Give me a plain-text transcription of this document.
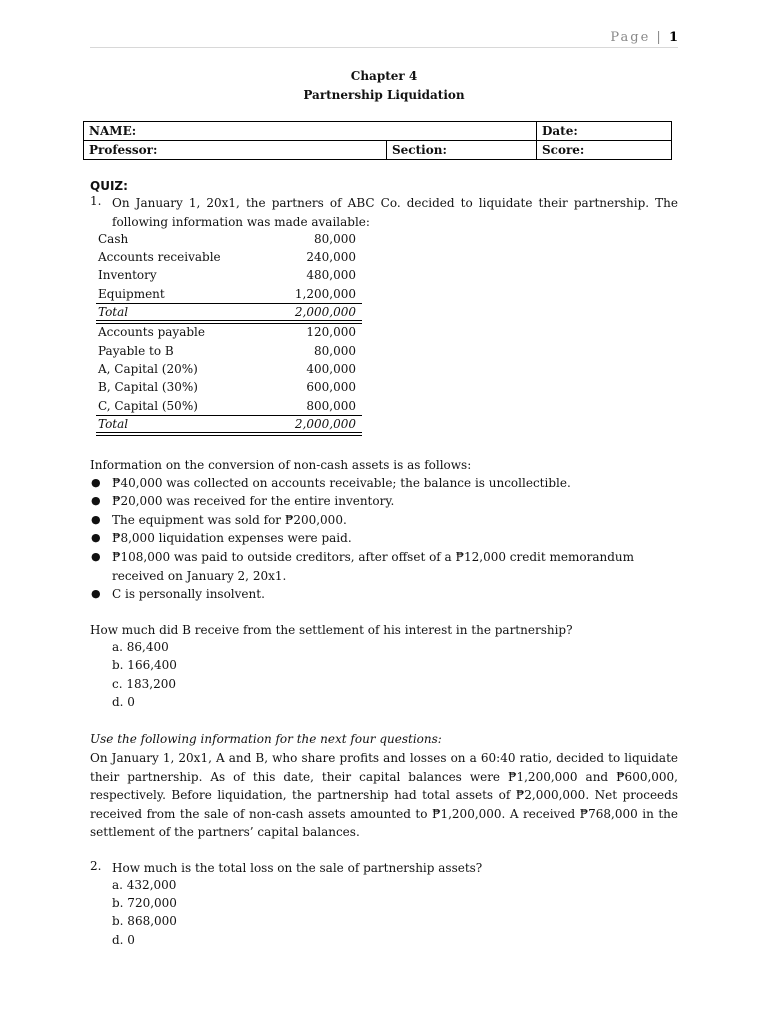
Page | 1
Chapter 4
Partnership Liquidation
NAME:		Date:
Professor:	Section:	Score:
QUIZ:
1. On January 1, 20x1, the partners of ABC Co. decided to liquidate their partnership. The following information was made available:
Cash	80,000
Accounts receivable	240,000
Inventory	480,000
Equipment	1,200,000
Total	2,000,000
Accounts payable	120,000
Payable to B	80,000
A, Capital (20%)	400,000
B, Capital (30%)	600,000
C, Capital (50%)	800,000
Total	2,000,000
Information on the conversion of non-cash assets is as follows:
● ₱40,000 was collected on accounts receivable; the balance is uncollectible.
● ₱20,000 was received for the entire inventory.
● The equipment was sold for ₱200,000.
● ₱8,000 liquidation expenses were paid.
● ₱108,000 was paid to outside creditors, after offset of a ₱12,000 credit memorandum received on January 2, 20x1.
● C is personally insolvent.
How much did B receive from the settlement of his interest in the partnership?
a. 86,400
b. 166,400
c. 183,200
d. 0
Use the following information for the next four questions:
On January 1, 20x1, A and B, who share profits and losses on a 60:40 ratio, decided to liquidate their partnership. As of this date, their capital balances were ₱1,200,000 and ₱600,000, respectively. Before liquidation, the partnership had total assets of ₱2,000,000. Net proceeds received from the sale of non-cash assets amounted to ₱1,200,000. A received ₱768,000 in the settlement of the partners’ capital balances.
2. How much is the total loss on the sale of partnership assets?
a. 432,000
b. 720,000
b. 868,000
d. 0
